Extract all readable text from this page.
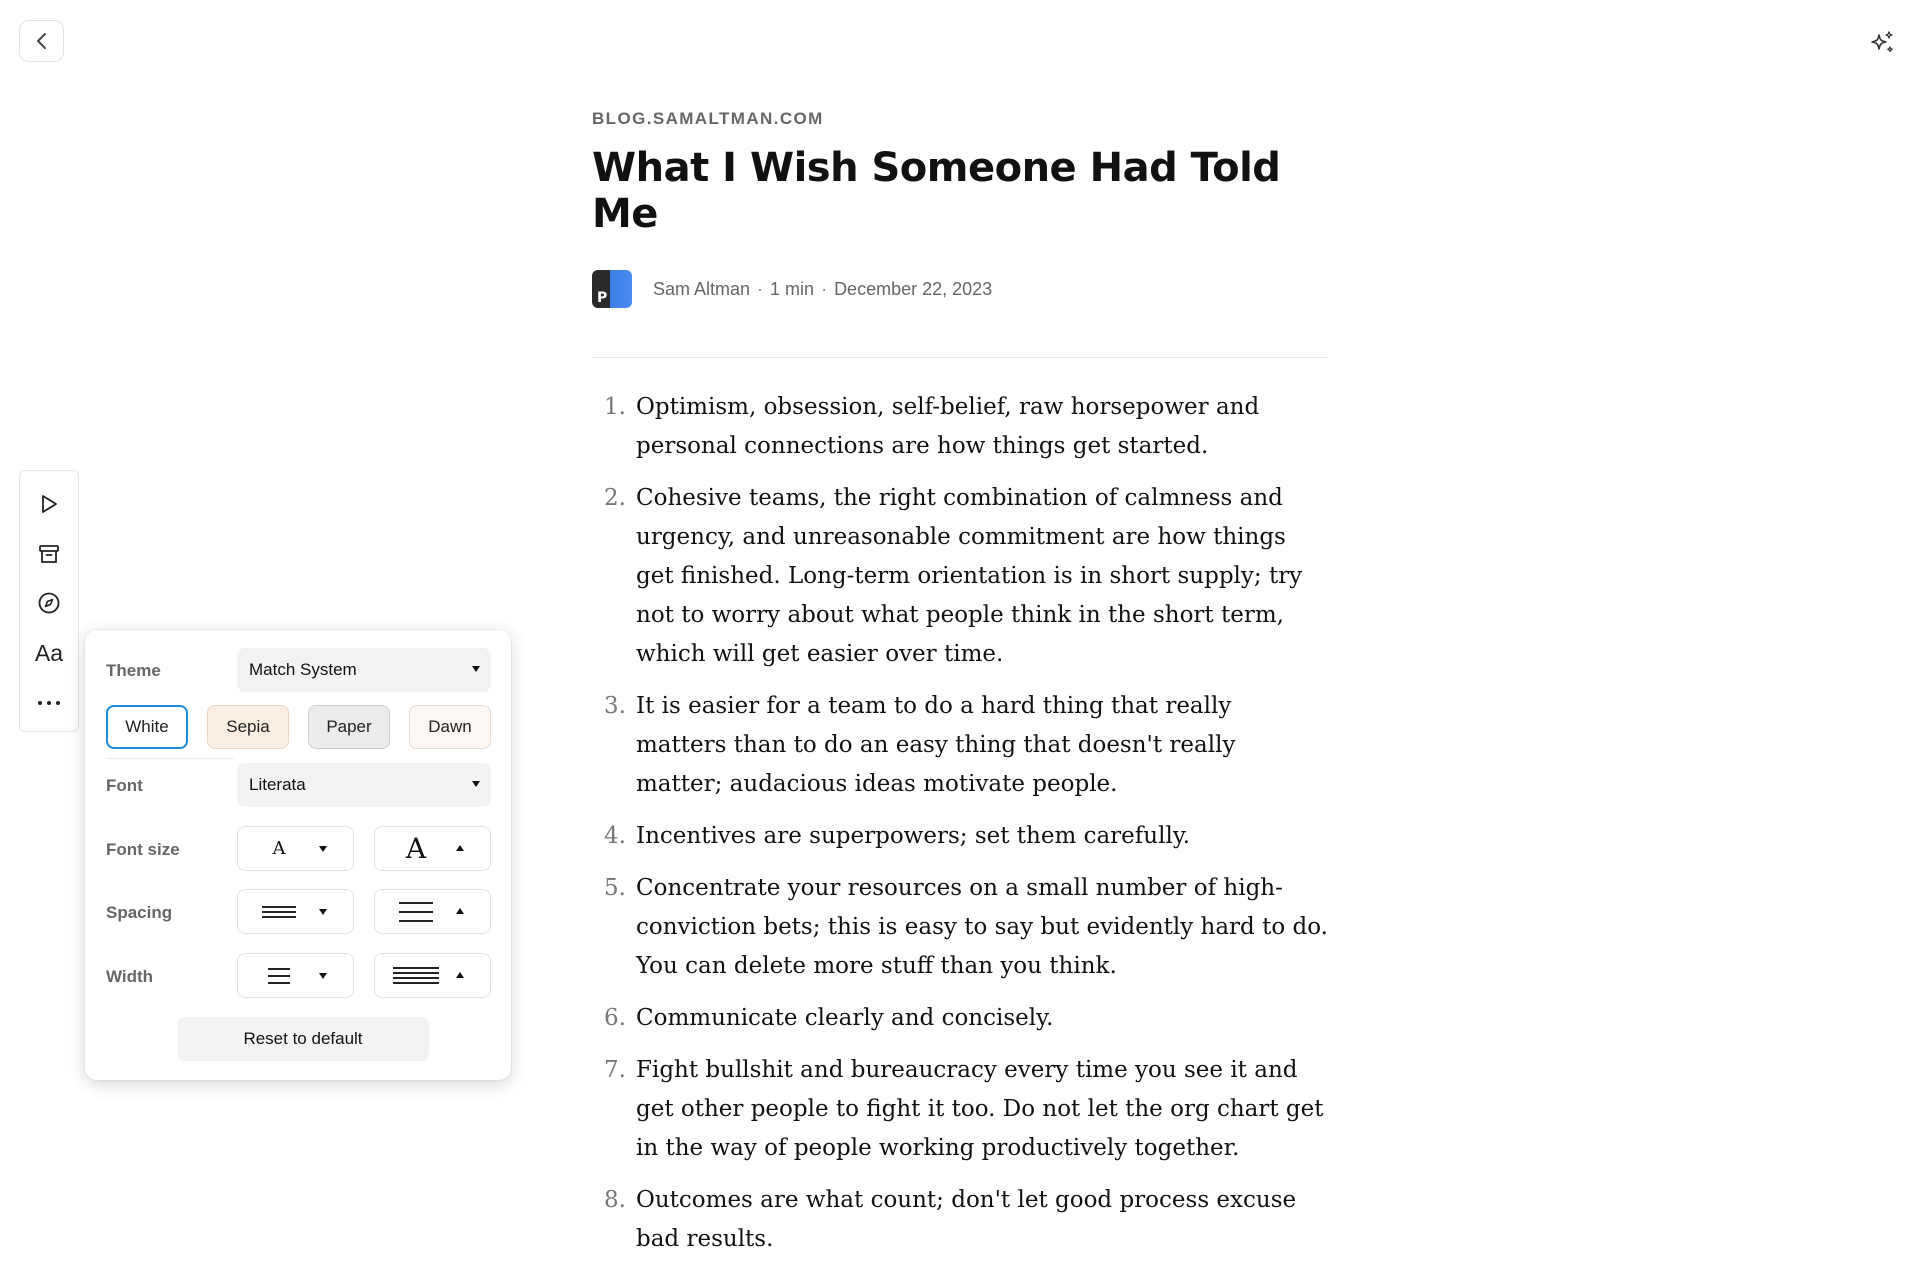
Aa
Theme	Match System
White	Sepia	Paper	Dawn
Font	Literata
Font size	A	A
Spacing
Width
Reset to default
BLOG.SAMALTMAN.COM
What I Wish Someone Had Told Me
P	Sam Altman · 1 min · December 22, 2023
1. Optimism, obsession, self-belief, raw horsepower and personal connections are how things get started.
2. Cohesive teams, the right combination of calmness and urgency, and unreasonable commitment are how things get finished. Long-term orientation is in short supply; try not to worry about what people think in the short term, which will get easier over time.
3. It is easier for a team to do a hard thing that really matters than to do an easy thing that doesn't really matter; audacious ideas motivate people.
4. Incentives are superpowers; set them carefully.
5. Concentrate your resources on a small number of high-conviction bets; this is easy to say but evidently hard to do. You can delete more stuff than you think.
6. Communicate clearly and concisely.
7. Fight bullshit and bureaucracy every time you see it and get other people to fight it too. Do not let the org chart get in the way of people working productively together.
8. Outcomes are what count; don't let good process excuse bad results.
